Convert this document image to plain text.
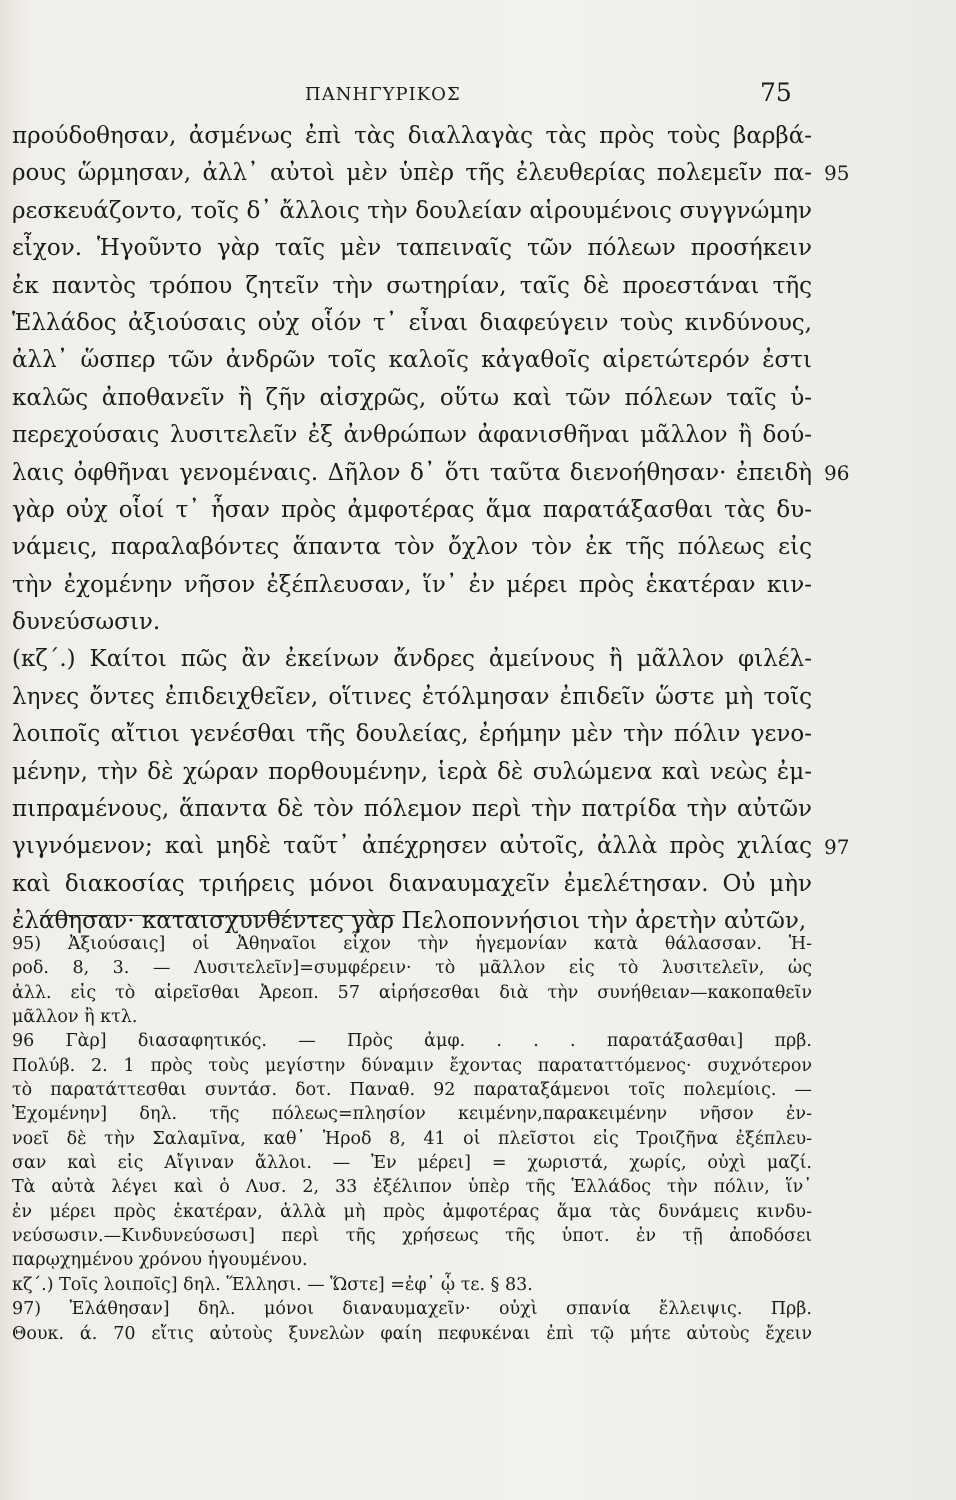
ΠΑΝΗΓΥΡΙΚΟΣ	75
προύδοθησαν, ἀσμένως ἐπὶ τὰς διαλλαγὰς τὰς πρὸς τοὺς βαρβά-
ρους ὥρμησαν, ἀλλ᾽ αὐτοὶ μὲν ὑπὲρ τῆς ἐλευθερίας πολεμεῖν πα-
ρεσκευάζοντο, τοῖς δ᾽ ἄλλοις τὴν δουλείαν αἱρουμένοις συγγνώμην
εἶχον. Ἡγοῦντο γὰρ ταῖς μὲν ταπειναῖς τῶν πόλεων προσήκειν
ἐκ παντὸς τρόπου ζητεῖν τὴν σωτηρίαν, ταῖς δὲ προεστάναι τῆς
Ἑλλάδος ἀξιούσαις οὐχ οἷόν τ᾽ εἶναι διαφεύγειν τοὺς κινδύνους,
ἀλλ᾽ ὥσπερ τῶν ἀνδρῶν τοῖς καλοῖς κἀγαθοῖς αἱρετώτερόν ἐστι
καλῶς ἀποθανεῖν ἢ ζῆν αἰσχρῶς, οὕτω καὶ τῶν πόλεων ταῖς ὑ-
περεχούσαις λυσιτελεῖν ἐξ ἀνθρώπων ἀφανισθῆναι μᾶλλον ἢ δού-
λαις ὀφθῆναι γενομέναις. Δῆλον δ᾽ ὅτι ταῦτα διενοήθησαν· ἐπειδὴ
γὰρ οὐχ οἷοί τ᾽ ἦσαν πρὸς ἀμφοτέρας ἅμα παρατάξασθαι τὰς δυ-
νάμεις, παραλαβόντες ἅπαντα τὸν ὄχλον τὸν ἐκ τῆς πόλεως εἰς
τὴν ἐχομένην νῆσον ἐξέπλευσαν, ἵν᾽ ἐν μέρει πρὸς ἑκατέραν κιν-
δυνεύσωσιν.
(κζ΄.) Καίτοι πῶς ἂν ἐκείνων ἄνδρες ἀμείνους ἢ μᾶλλον φιλέλ-
ληνες ὄντες ἐπιδειχθεῖεν, οἵτινες ἐτόλμησαν ἐπιδεῖν ὥστε μὴ τοῖς
λοιποῖς αἴτιοι γενέσθαι τῆς δουλείας, ἐρήμην μὲν τὴν πόλιν γενο-
μένην, τὴν δὲ χώραν πορθουμένην, ἱερὰ δὲ συλώμενα καὶ νεὼς ἐμ-
πιπραμένους, ἅπαντα δὲ τὸν πόλεμον περὶ τὴν πατρίδα τὴν αὐτῶν
γιγνόμενον; καὶ μηδὲ ταῦτ᾽ ἀπέχρησεν αὐτοῖς, ἀλλὰ πρὸς χιλίας
καὶ διακοσίας τριήρεις μόνοι διαναυμαχεῖν ἐμελέτησαν. Οὐ μὴν
ἐλάθησαν· καταισχυνθέντες γὰρ Πελοποννήσιοι τὴν ἀρετὴν αὐτῶν,
95
96
97
95) Ἀξιούσαις] οἱ Ἀθηναῖοι εἶχον τὴν ἡγεμονίαν κατὰ θάλασσαν. Ἡ-
ροδ. 8, 3. — Λυσιτελεῖν]=συμφέρειν· τὸ μᾶλλον εἰς τὸ λυσιτελεῖν, ὡς
ἀλλ. εἰς τὸ αἱρεῖσθαι Ἀρεοπ. 57 αἱρήσεσθαι διὰ τὴν συνήθειαν—κακοπαθεῖν
μᾶλλον ἢ κτλ.
96 Γὰρ] διασαφητικός. — Πρὸς ἀμφ. . . . παρατάξασθαι] πρβ.
Πολύβ. 2. 1 πρὸς τοὺς μεγίστην δύναμιν ἔχοντας παραταττόμενος· συχνότερον
τὸ παρατάττεσθαι συντάσ. δοτ. Παναθ. 92 παραταξάμενοι τοῖς πολεμίοις. —
Ἐχομένην] δηλ. τῆς πόλεως=πλησίον κειμένην,παρακειμένην νῆσον ἐν-
νοεῖ δὲ τὴν Σαλαμῖνα, καθ᾽ Ἡροδ 8, 41 οἱ πλεῖστοι εἰς Τροιζῆνα ἐξέπλευ-
σαν καὶ εἰς Αἴγιναν ἄλλοι. — Ἐν μέρει] = χωριστά, χωρίς, οὐχὶ μαζί.
Τὰ αὐτὰ λέγει καὶ ὁ Λυσ. 2, 33 ἐξέλιπον ὑπὲρ τῆς Ἑλλάδος τὴν πόλιν, ἵν᾽
ἐν μέρει πρὸς ἑκατέραν, ἀλλὰ μὴ πρὸς ἀμφοτέρας ἅμα τὰς δυνάμεις κινδυ-
νεύσωσιν.—Κινδυνεύσωσι] περὶ τῆς χρήσεως τῆς ὑποτ. ἐν τῇ ἀποδόσει
παρῳχημένου χρόνου ἡγουμένου.
κζ΄.) Τοῖς λοιποῖς] δηλ. Ἕλλησι. — Ὥστε] =ἐφ᾽ ᾧ τε. § 83.
97) Ἐλάθησαν] δηλ. μόνοι διαναυμαχεῖν· οὐχὶ σπανία ἔλλειψις. Πρβ.
Θουκ. ά. 70 εἴτις αὐτοὺς ξυνελὼν φαίη πεφυκέναι ἐπὶ τῷ μήτε αὐτοὺς ἔχειν
